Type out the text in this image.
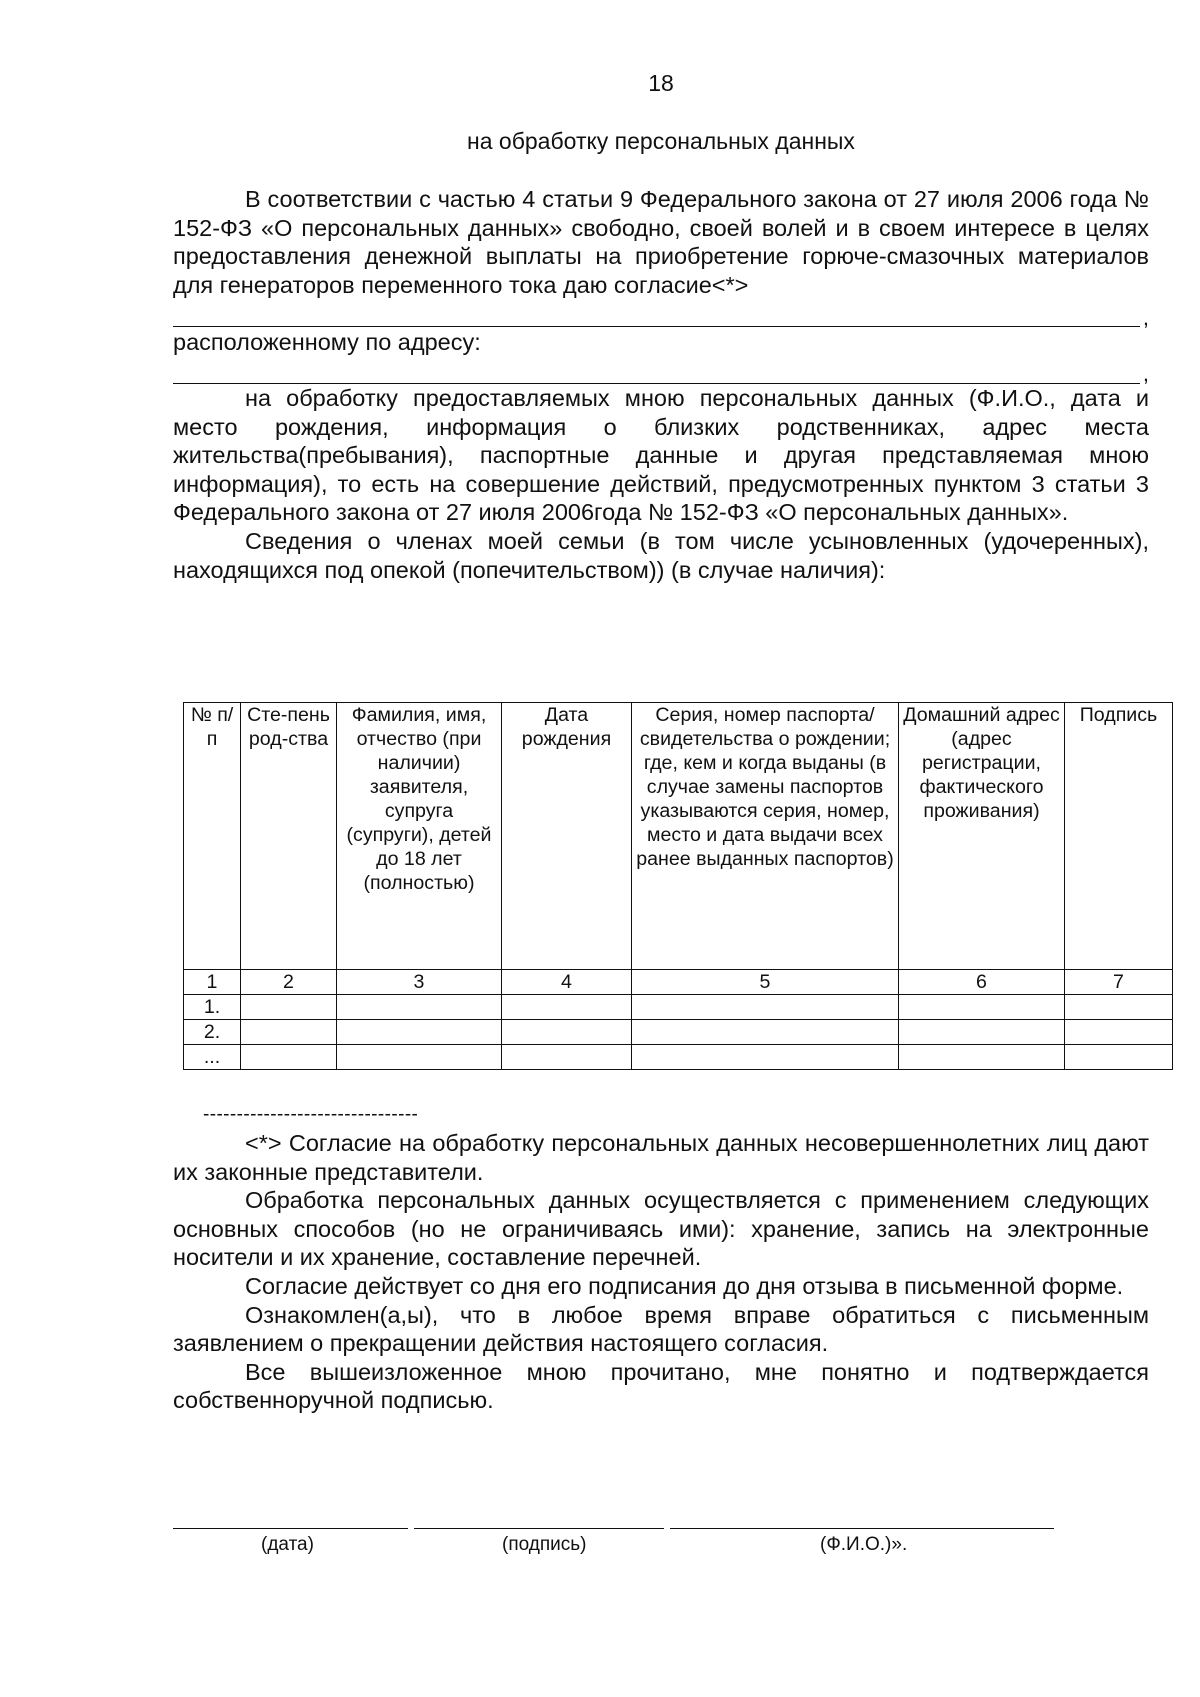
18
на обработку персональных данных

В соответствии с частью 4 статьи 9 Федерального закона от 27 июля 2006 года № 152-ФЗ «О персональных данных» свободно, своей волей и в своем интересе в целях предоставления денежной выплаты на приобретение горюче-смазочных материалов для генераторов переменного тока даю согласие<*>

,

расположенному по адресу:

,

на обработку предоставляемых мною персональных данных (Ф.И.О., дата и место рождения, информация о близких родственниках, адрес места жительства(пребывания), паспортные данные и другая представляемая мною информация), то есть на совершение действий, предусмотренных пунктом 3 статьи 3 Федерального закона от 27 июля 2006года № 152-ФЗ «О персональных данных».

Сведения о членах моей семьи (в том числе усыновленных (удочеренных), находящихся под опекой (попечительством)) (в случае наличия):

№ п/п	Сте-пень род-ства	Фамилия, имя, отчество (при наличии) заявителя, супруга (супруги), детей до 18 лет (полностью)	Дата рождения	Серия, номер паспорта/свидетельства о рождении; где, кем и когда выданы (в случае замены паспортов указываются серия, номер, место и дата выдачи всех ранее выданных паспортов)	Домашний адрес (адрес регистрации, фактического проживания)	Подпись
1	2	3	4	5	6	7
1.						
2.						
...						
--------------------------------

<*> Согласие на обработку персональных данных несовершеннолетних лиц дают их законные представители.

Обработка персональных данных осуществляется с применением следующих основных способов (но не ограничиваясь ими): хранение, запись на электронные носители и их хранение, составление перечней.

Согласие действует со дня его подписания до дня отзыва в письменной форме.

Ознакомлен(а,ы), что в любое время вправе обратиться с письменным заявлением о прекращении действия настоящего согласия.

Все вышеизложенное мною прочитано, мне понятно и подтверждается собственноручной подписью.

(дата)	(подпись)	(Ф.И.О.)».
